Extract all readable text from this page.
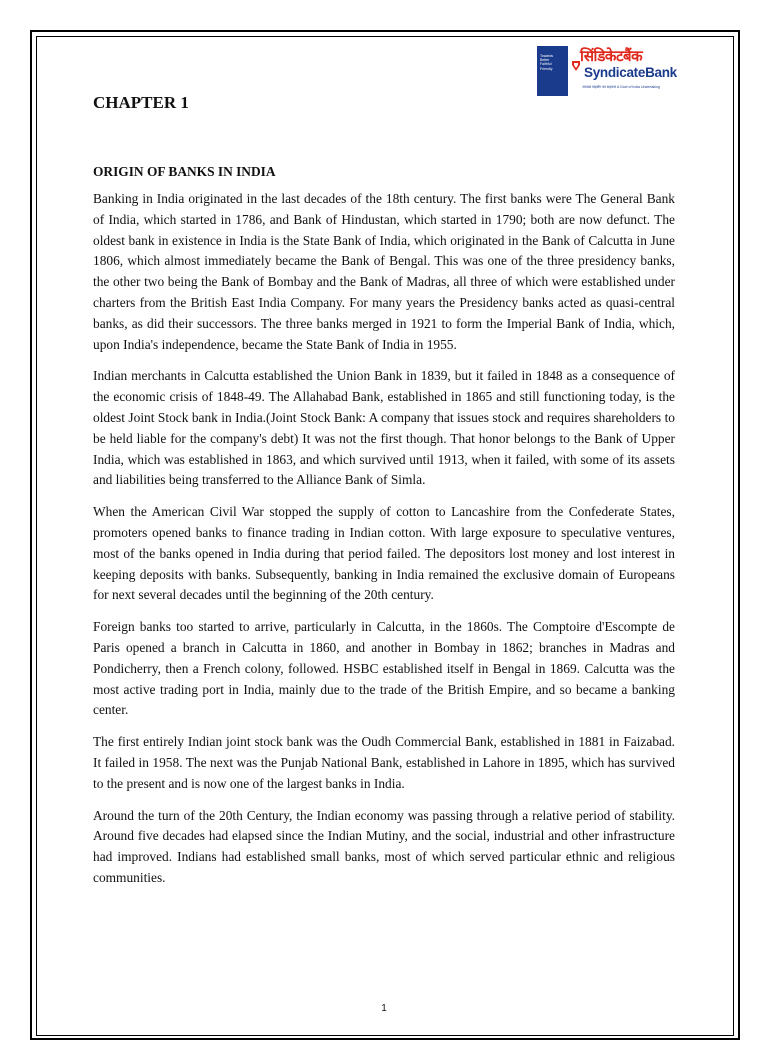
Towards
Better
Faithful
Friendly
सिंडिकेटबैंक
SyndicateBank
आपका सहयोग का सहकार A Govt of India Undertaking
CHAPTER 1
ORIGIN OF BANKS IN INDIA

Banking in India originated in the last decades of the 18th century. The first banks were The General Bank of India, which started in 1786, and Bank of Hindustan, which started in 1790; both are now defunct. The oldest bank in existence in India is the State Bank of India, which originated in the Bank of Calcutta in June 1806, which almost immediately became the Bank of Bengal. This was one of the three presidency banks, the other two being the Bank of Bombay and the Bank of Madras, all three of which were established under charters from the British East India Company. For many years the Presidency banks acted as quasi-central banks, as did their successors. The three banks merged in 1921 to form the Imperial Bank of India, which, upon India's independence, became the State Bank of India in 1955.

Indian merchants in Calcutta established the Union Bank in 1839, but it failed in 1848 as a consequence of the economic crisis of 1848-49. The Allahabad Bank, established in 1865 and still functioning today, is the oldest Joint Stock bank in India.(Joint Stock Bank: A company that issues stock and requires shareholders to be held liable for the company's debt) It was not the first though. That honor belongs to the Bank of Upper India, which was established in 1863, and which survived until 1913, when it failed, with some of its assets and liabilities being transferred to the Alliance Bank of Simla.

When the American Civil War stopped the supply of cotton to Lancashire from the Confederate States, promoters opened banks to finance trading in Indian cotton. With large exposure to speculative ventures, most of the banks opened in India during that period failed. The depositors lost money and lost interest in keeping deposits with banks. Subsequently, banking in India remained the exclusive domain of Europeans for next several decades until the beginning of the 20th century.

Foreign banks too started to arrive, particularly in Calcutta, in the 1860s. The Comptoire d'Escompte de Paris opened a branch in Calcutta in 1860, and another in Bombay in 1862; branches in Madras and Pondicherry, then a French colony, followed. HSBC established itself in Bengal in 1869. Calcutta was the most active trading port in India, mainly due to the trade of the British Empire, and so became a banking center.

The first entirely Indian joint stock bank was the Oudh Commercial Bank, established in 1881 in Faizabad. It failed in 1958. The next was the Punjab National Bank, established in Lahore in 1895, which has survived to the present and is now one of the largest banks in India.

Around the turn of the 20th Century, the Indian economy was passing through a relative period of stability. Around five decades had elapsed since the Indian Mutiny, and the social, industrial and other infrastructure had improved. Indians had established small banks, most of which served particular ethnic and religious communities.

1
